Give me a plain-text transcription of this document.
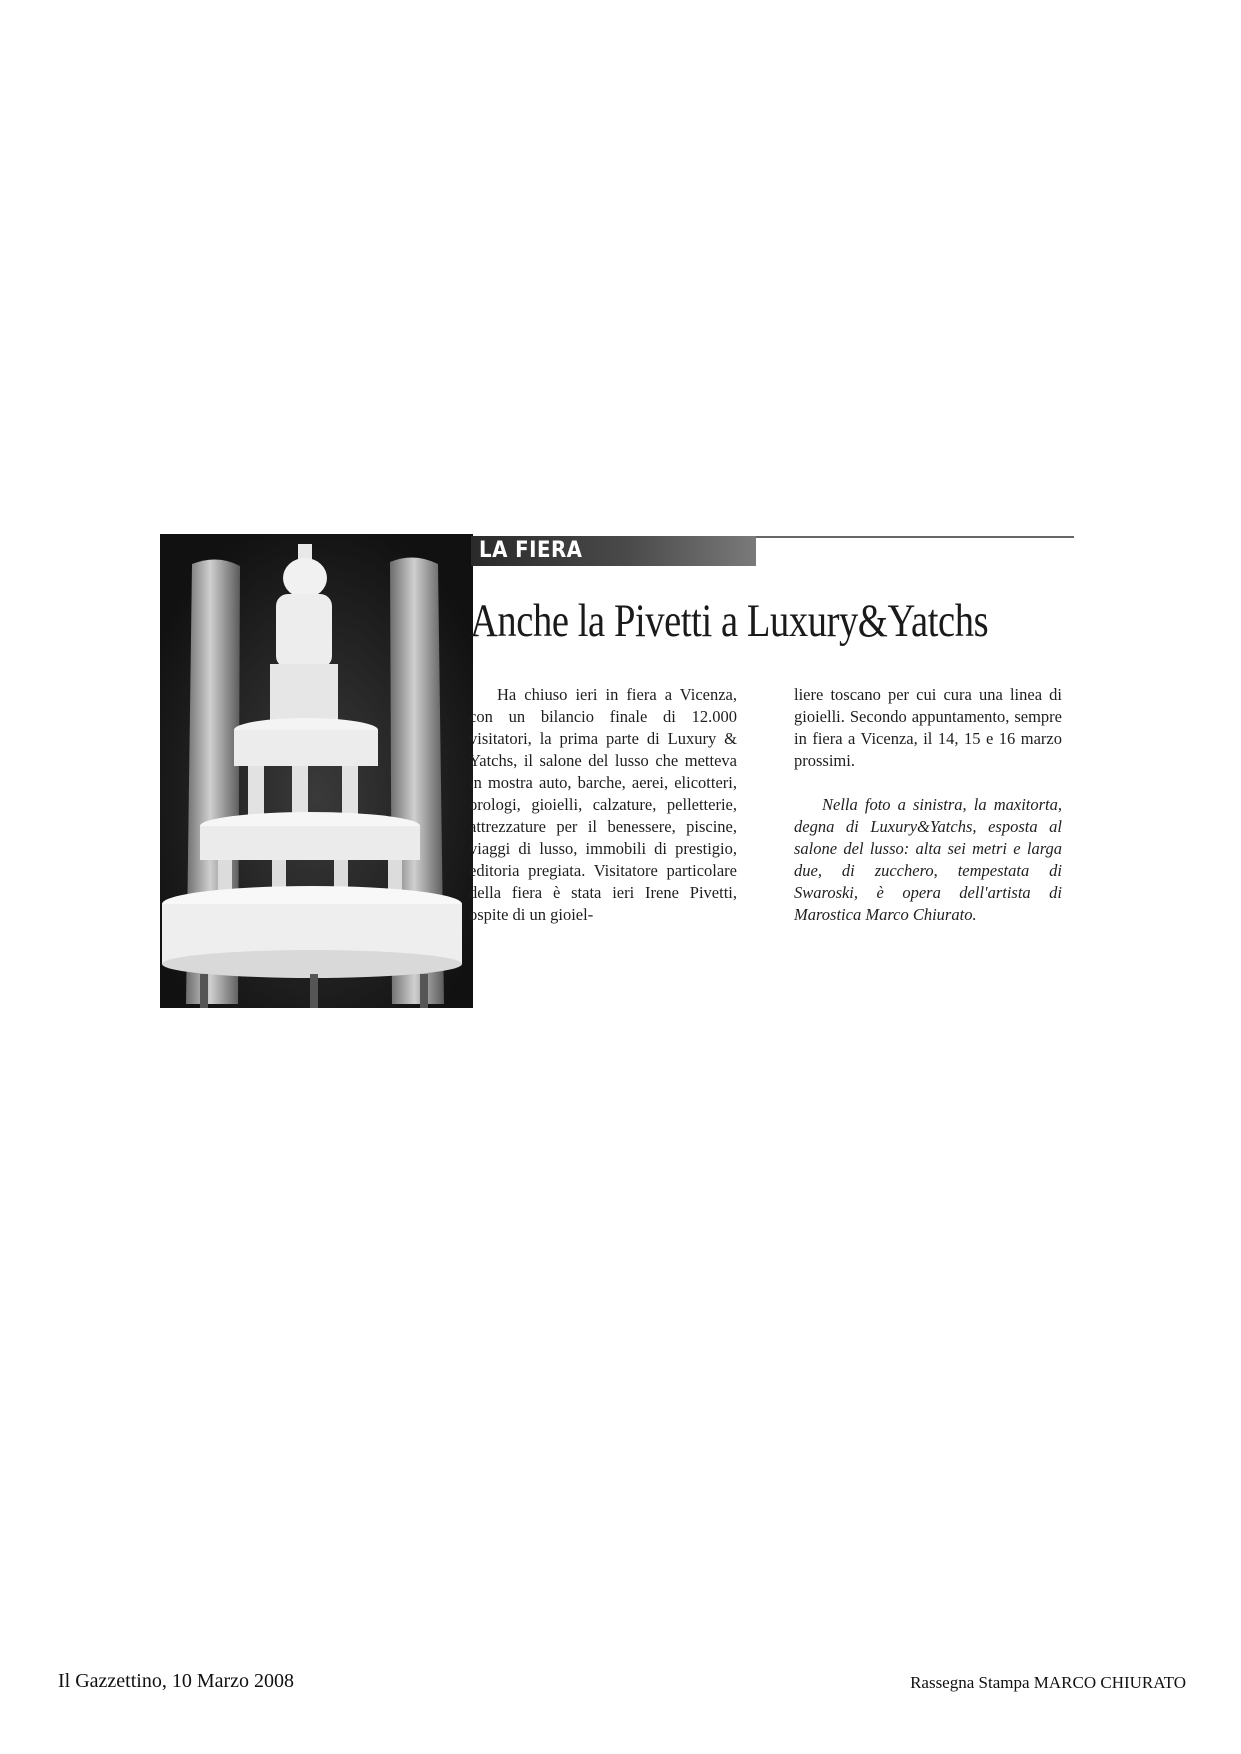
LA FIERA
Anche la Pivetti a Luxury&Yatchs

Ha chiuso ieri in fiera a Vicenza, con un bilancio finale di 12.000 visitatori, la prima parte di Luxury & Yatchs, il salone del lusso che metteva in mostra auto, barche, aerei, elicotteri, orologi, gioielli, calzature, pelletterie, attrezzature per il benessere, piscine, viaggi di lusso, immobili di prestigio, editoria pregiata. Visitatore particolare della fiera è stata ieri Irene Pivetti, ospite di un gioiel-

liere toscano per cui cura una linea di gioielli. Secondo appuntamento, sempre in fiera a Vicenza, il 14, 15 e 16 marzo prossimi.

Nella foto a sinistra, la maxitorta, degna di Luxury&Yatchs, esposta al salone del lusso: alta sei metri e larga due, di zucchero, tempestata di Swaroski, è opera dell'artista di Marostica Marco Chiurato.

Il Gazzettino, 10 Marzo 2008	Rassegna Stampa MARCO CHIURATO
